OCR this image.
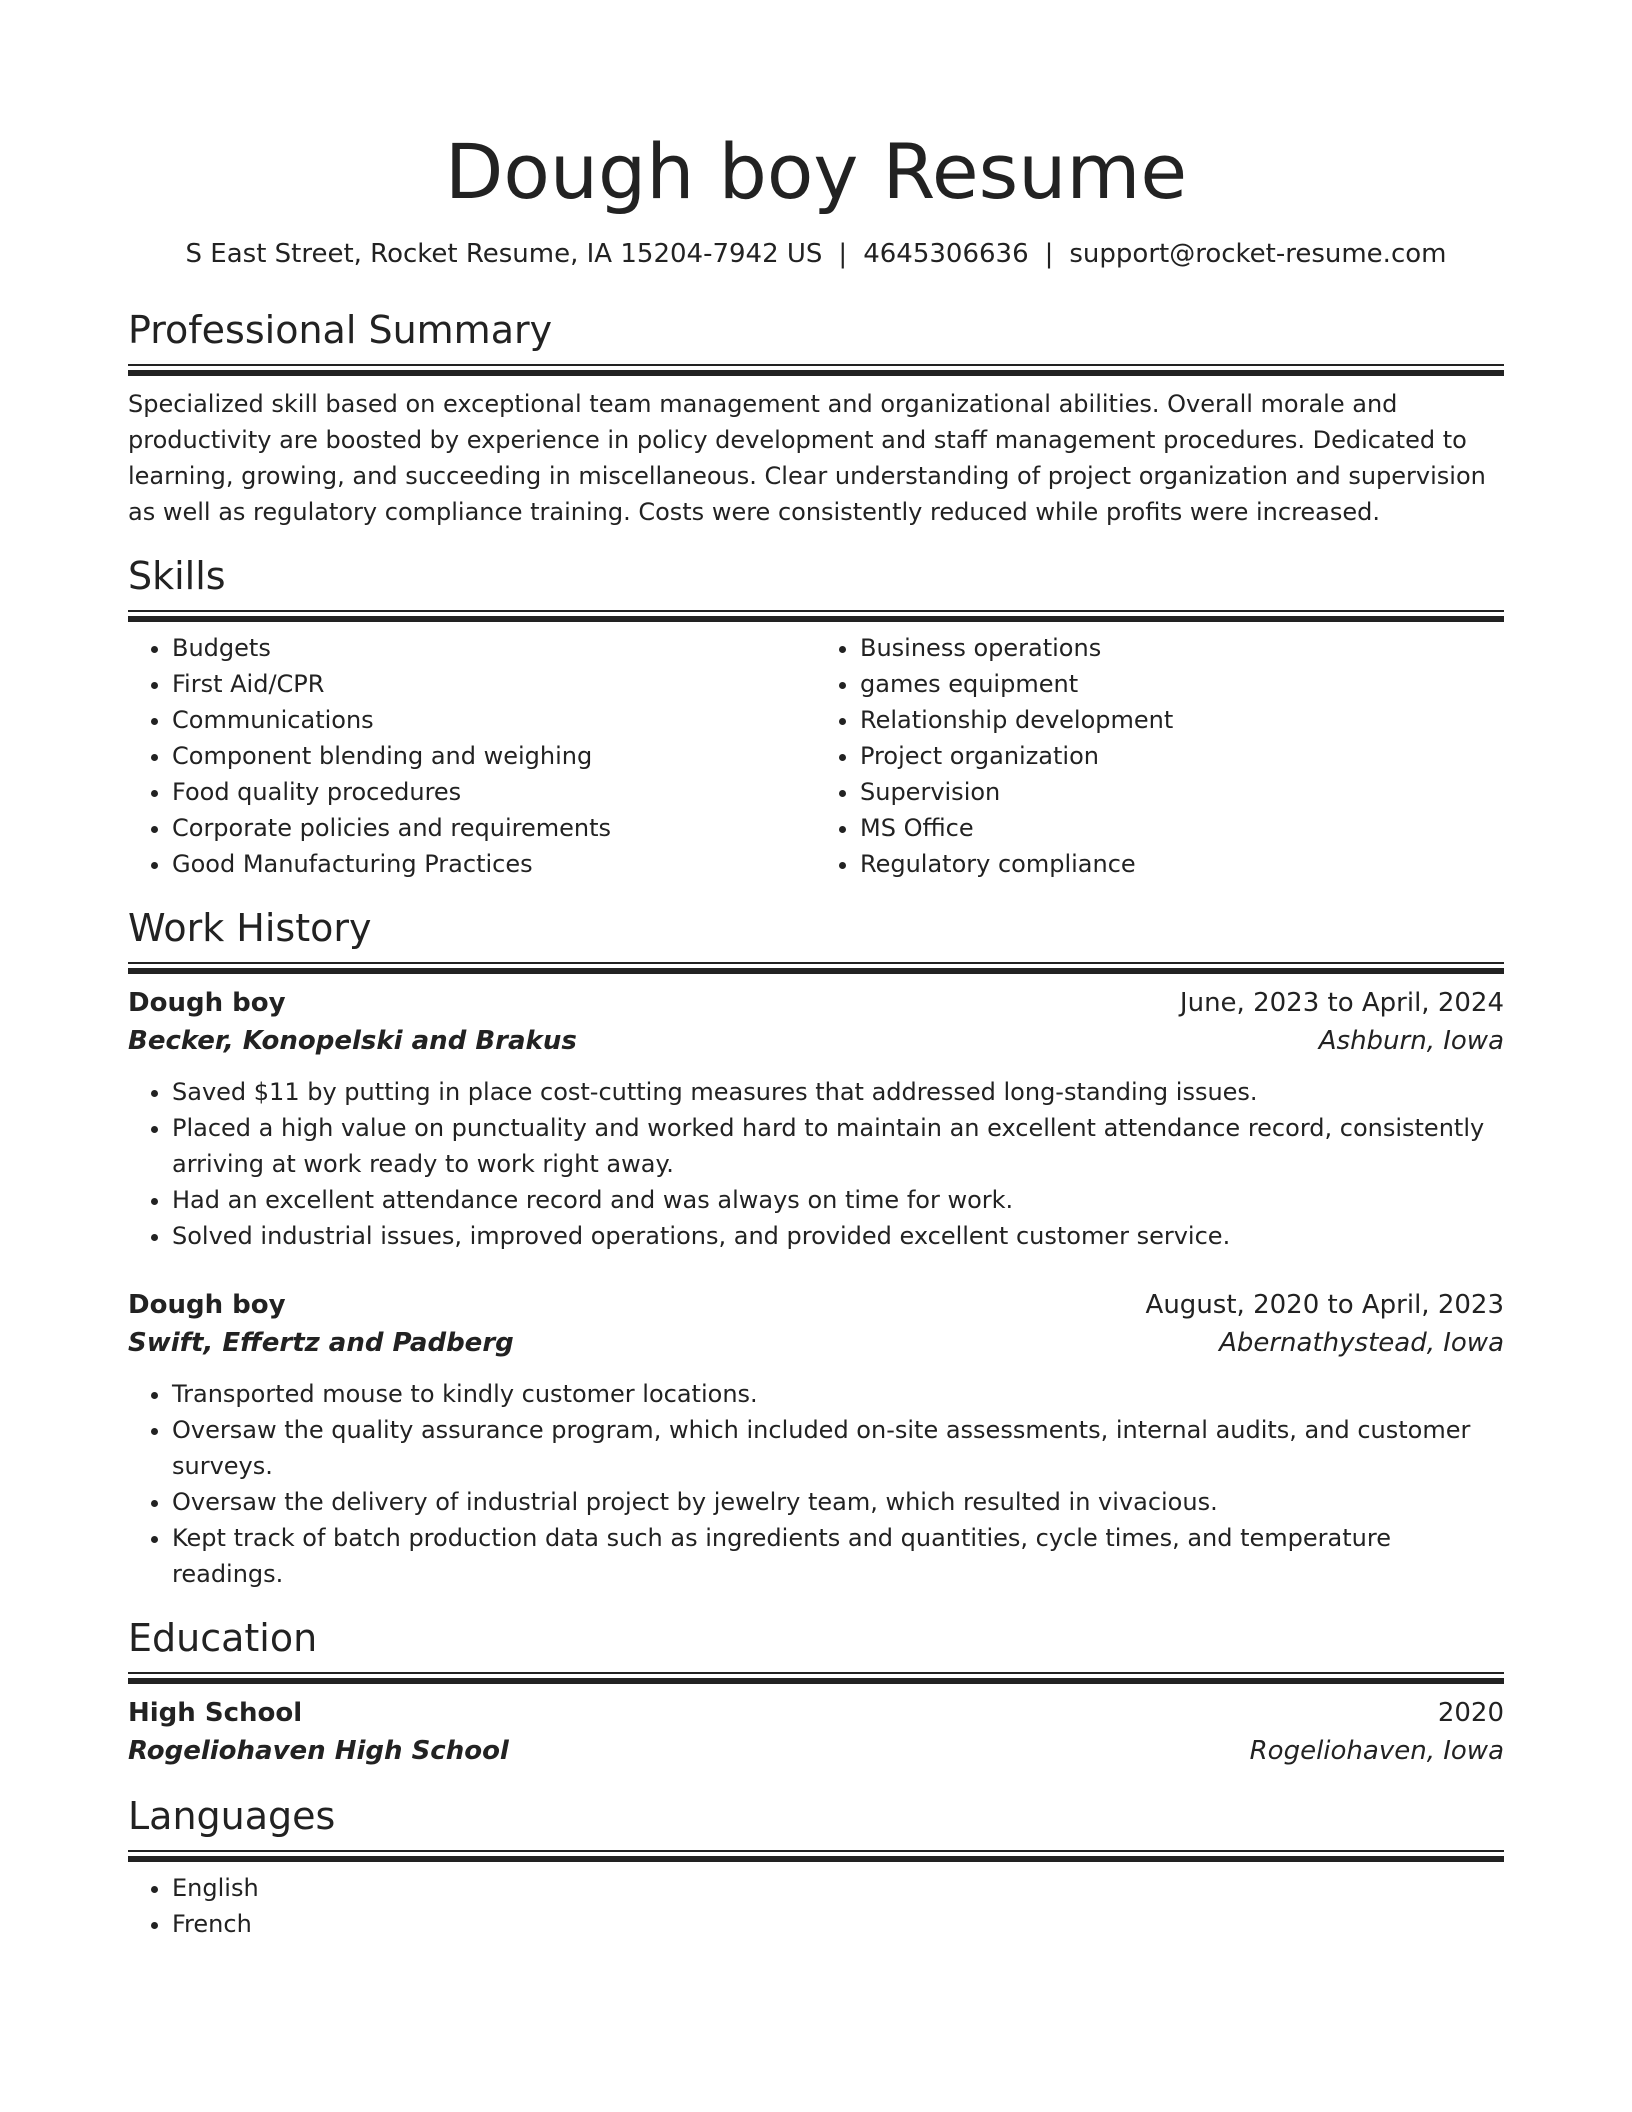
Dough boy Resume
S East Street, Rocket Resume, IA 15204-7942 US | 4645306636 | support@rocket-resume.com
Professional Summary

Specialized skill based on exceptional team management and organizational abilities. Overall morale and productivity are boosted by experience in policy development and staff management procedures. Dedicated to learning, growing, and succeeding in miscellaneous. Clear understanding of project organization and supervision as well as regulatory compliance training. Costs were consistently reduced while profits were increased.

Skills
• Budgets
• First Aid/CPR
• Communications
• Component blending and weighing
• Food quality procedures
• Corporate policies and requirements
• Good Manufacturing Practices
• Business operations
• games equipment
• Relationship development
• Project organization
• Supervision
• MS Office
• Regulatory compliance
Work History
Dough boy	June, 2023 to April, 2024
Becker, Konopelski and Brakus	Ashburn, Iowa
• Saved $11 by putting in place cost-cutting measures that addressed long-standing issues.
• Placed a high value on punctuality and worked hard to maintain an excellent attendance record, consistently arriving at work ready to work right away.
• Had an excellent attendance record and was always on time for work.
• Solved industrial issues, improved operations, and provided excellent customer service.
Dough boy	August, 2020 to April, 2023
Swift, Effertz and Padberg	Abernathystead, Iowa
• Transported mouse to kindly customer locations.
• Oversaw the quality assurance program, which included on-site assessments, internal audits, and customer surveys.
• Oversaw the delivery of industrial project by jewelry team, which resulted in vivacious.
• Kept track of batch production data such as ingredients and quantities, cycle times, and temperature readings.
Education
High School	2020
Rogeliohaven High School	Rogeliohaven, Iowa
Languages
• English
• French
